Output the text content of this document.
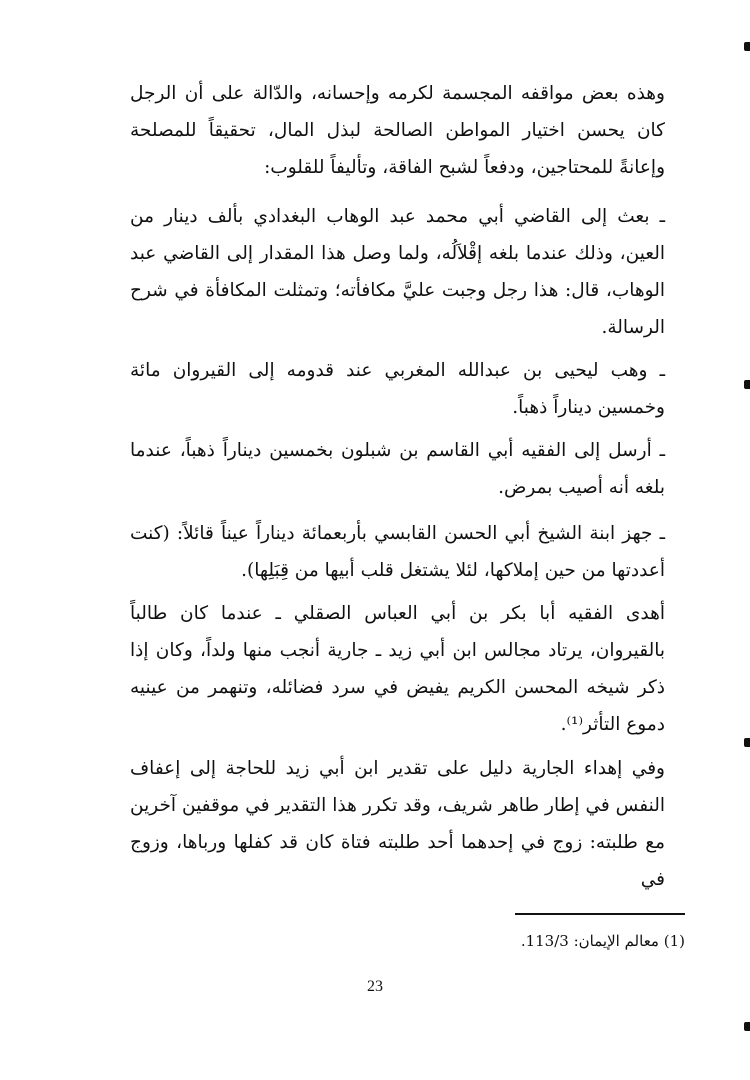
وهذه بعض مواقفه المجسمة لكرمه وإحسانه، والدّالة على أن الرجل كان يحسن اختيار المواطن الصالحة لبذل المال، تحقيقاً للمصلحة وإعانةً للمحتاجين، ودفعاً لشبح الفاقة، وتأليفاً للقلوب:

ـ بعث إلى القاضي أبي محمد عبد الوهاب البغدادي بألف دينار من العين، وذلك عندما بلغه إقْلاَلُه، ولما وصل هذا المقدار إلى القاضي عبد الوهاب، قال: هذا رجل وجبت عليَّ مكافأته؛ وتمثلت المكافأة في شرح الرسالة.

ـ وهب ليحيى بن عبدالله المغربي عند قدومه إلى القيروان مائة وخمسين ديناراً ذهباً.

ـ أرسل إلى الفقيه أبي القاسم بن شبلون بخمسين ديناراً ذهباً، عندما بلغه أنه أصيب بمرض.

ـ جهز ابنة الشيخ أبي الحسن القابسي بأربعمائة ديناراً عيناً قائلاً: (كنت أعددتها من حين إملاكها، لئلا يشتغل قلب أبيها من قِبَلِها).

أهدى الفقيه أبا بكر بن أبي العباس الصقلي ـ عندما كان طالباً بالقيروان، يرتاد مجالس ابن أبي زيد ـ جارية أنجب منها ولداً، وكان إذا ذكر شيخه المحسن الكريم يفيض في سرد فضائله، وتنهمر من عينيه دموع التأثر⁽¹⁾.

وفي إهداء الجارية دليل على تقدير ابن أبي زيد للحاجة إلى إعفاف النفس في إطار طاهر شريف، وقد تكرر هذا التقدير في موقفين آخرين مع طلبته: زوج في إحدهما أحد طلبته فتاة كان قد كفلها ورباها، وزوج في

(1) معالم الإيمان: 113/3.
23
